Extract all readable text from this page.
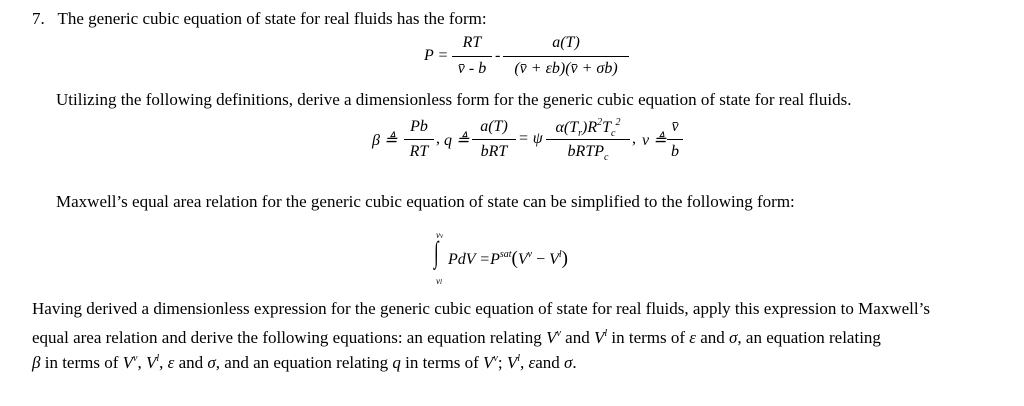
7. The generic cubic equation of state for real fluids has the form:
P =
RT
v̄ - b
-
a(T)
(v̄ + εb)(v̄ + σb)
Utilizing the following definitions, derive a dimensionless form for the generic cubic equation of state for real fluids.
β ≜
Pb
RT
, q ≜
a(T)
bRT
= ψ
$\alpha(T_r)R^2T_c^2$
bRTP$_c$
, v ≜
v̄
b
Maxwell’s equal area relation for the generic cubic equation of state can be simplified to the following form:
∫
vv
vl
PdV $=P^{sat}(V^v - V^l)$
Having derived a dimensionless expression for the generic cubic equation of state for real fluids, apply this expression to Maxwell’s
equal area relation and derive the following equations: an equation relating $V^v$ and $V^l$ in terms of ε and σ, an equation relating
β in terms of $V^v$, $V^l$, ε and σ, and an equation relating q in terms of $V^v$; $V^l$, εand σ.
